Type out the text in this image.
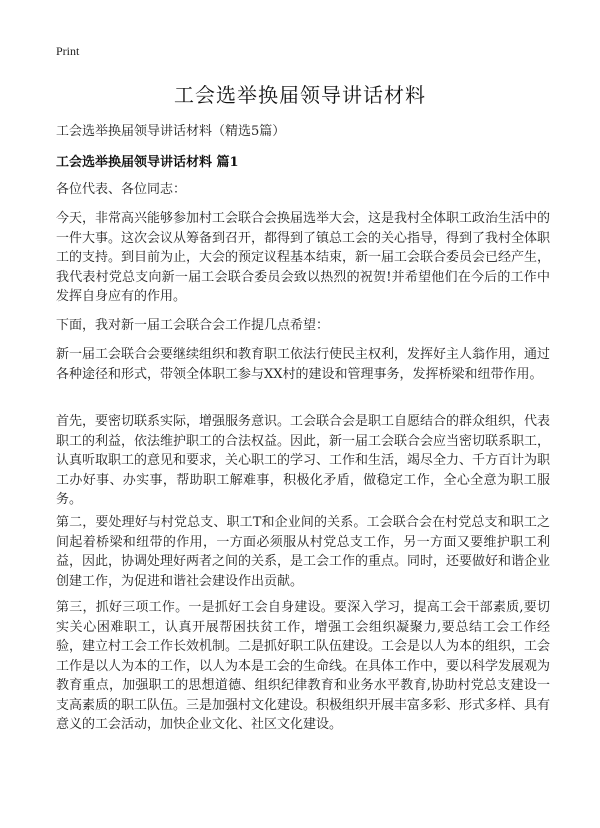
Print
工会选举换届领导讲话材料
工会选举换届领导讲话材料（精选5篇）
工会选举换届领导讲话材料 篇1
各位代表、各位同志：
今天，非常高兴能够参加村工会联合会换届选举大会，这是我村全体职工政治生活中的一件大事。这次会议从筹备到召开，都得到了镇总工会的关心指导，得到了我村全体职工的支持。到目前为止，大会的预定议程基本结束，新一届工会联合委员会已经产生，我代表村党总支向新一届工会联合委员会致以热烈的祝贺!并希望他们在今后的工作中发挥自身应有的作用。
下面，我对新一届工会联合会工作提几点希望：
新一届工会联合会要继续组织和教育职工依法行使民主权利，发挥好主人翁作用，通过各种途径和形式，带领全体职工参与XX村的建设和管理事务，发挥桥梁和纽带作用。
首先，要密切联系实际，增强服务意识。工会联合会是职工自愿结合的群众组织，代表职工的利益，依法维护职工的合法权益。因此，新一届工会联合会应当密切联系职工，认真听取职工的意见和要求，关心职工的学习、工作和生活，竭尽全力、千方百计为职工办好事、办实事，帮助职工解难事，积极化矛盾，做稳定工作，全心全意为职工服务。
第二，要处理好与村党总支、职工T和企业间的关系。工会联合会在村党总支和职工之间起着桥梁和纽带的作用，一方面必须服从村党总支工作，另一方面又要维护职工利益，因此，协调处理好两者之间的关系，是工会工作的重点。同时，还要做好和谐企业创建工作，为促进和谐社会建设作出贡献。
第三，抓好三项工作。一是抓好工会自身建设。要深入学习，提高工会干部素质,要切实关心困难职工，认真开展帮困扶贫工作，增强工会组织凝聚力,要总结工会工作经验，建立村工会工作长效机制。二是抓好职工队伍建设。工会是以人为本的组织，工会工作是以人为本的工作，以人为本是工会的生命线。在具体工作中，要以科学发展观为教育重点，加强职工的思想道德、组织纪律教育和业务水平教育,协助村党总支建设一支高素质的职工队伍。三是加强村文化建设。积极组织开展丰富多彩、形式多样、具有意义的工会活动，加快企业文化、社区文化建设。
